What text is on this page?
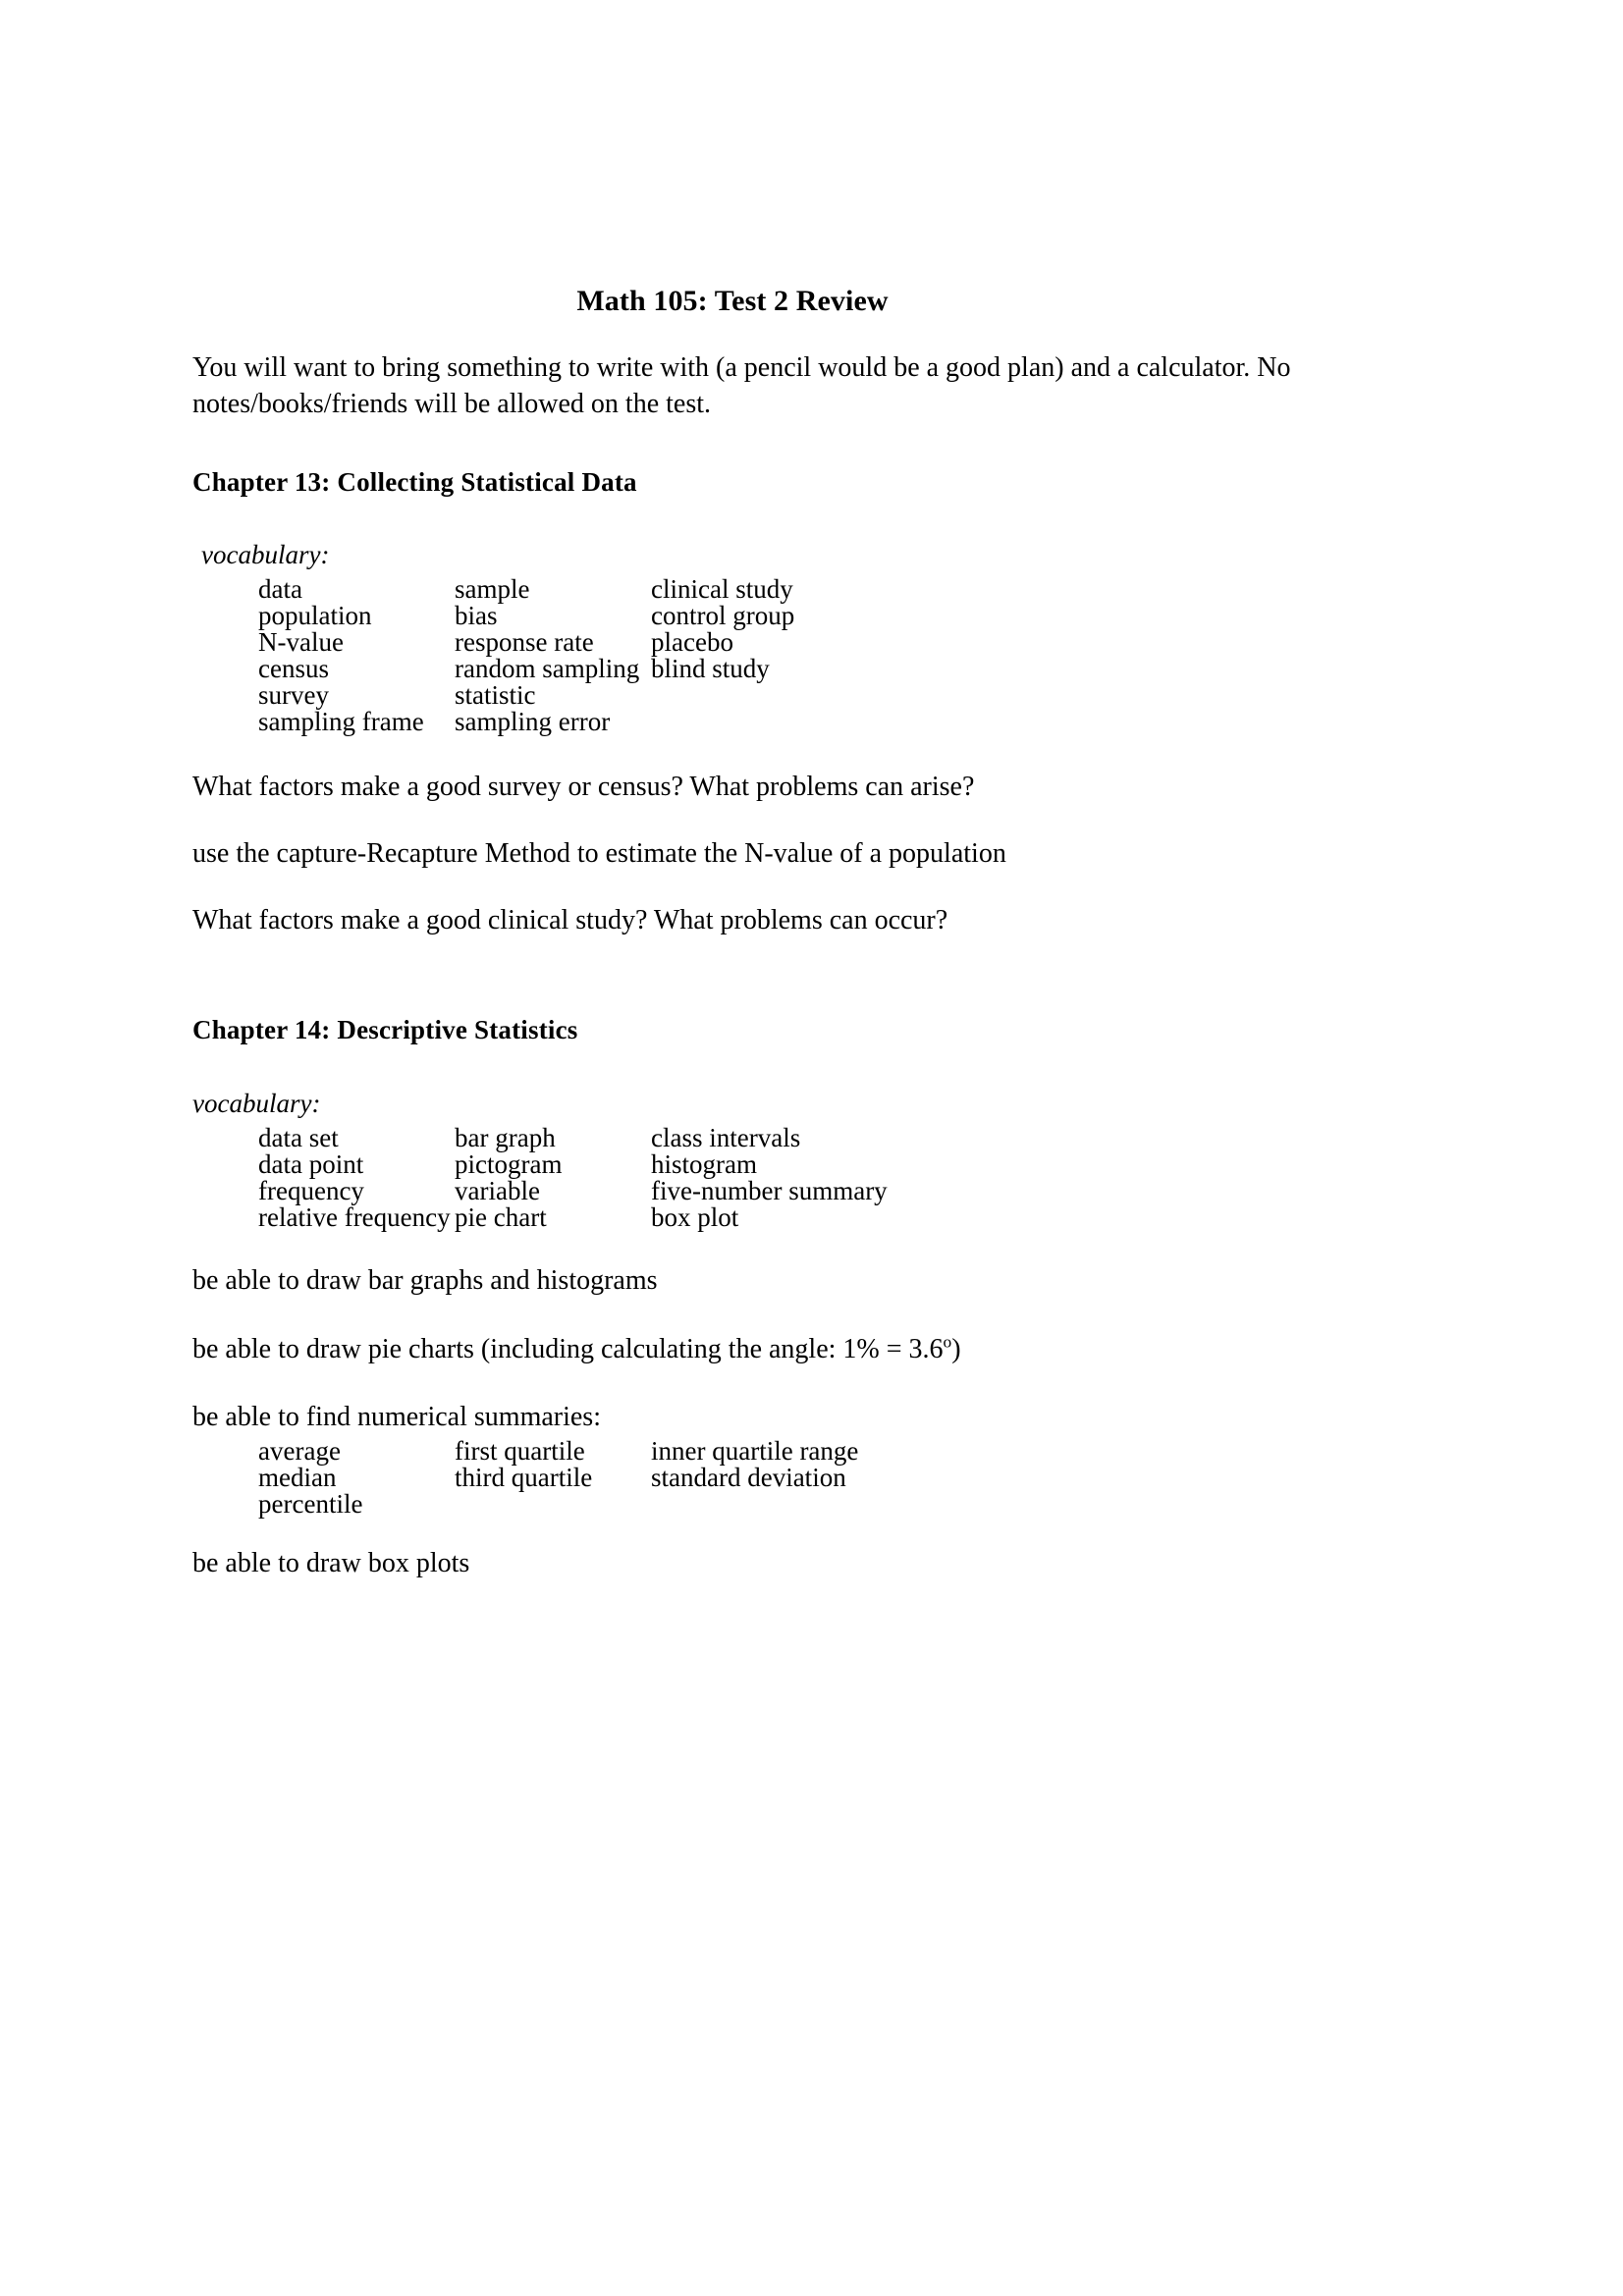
Math 105: Test 2 Review

You will want to bring something to write with (a pencil would be a good plan) and a calculator. No notes/books/friends will be allowed on the test.

Chapter 13: Collecting Statistical Data

vocabulary:

data	sample	clinical study
population	bias	control group
N-value	response rate	placebo
census	random sampling	blind study
survey	statistic	
sampling frame	sampling error	

What factors make a good survey or census? What problems can arise?

use the capture-Recapture Method to estimate the N-value of a population

What factors make a good clinical study? What problems can occur?

Chapter 14: Descriptive Statistics

vocabulary:

data set	bar graph	class intervals
data point	pictogram	histogram
frequency	variable	five-number summary
relative frequency	pie chart	box plot

be able to draw bar graphs and histograms

be able to draw pie charts (including calculating the angle: $1\% = 3.6^o$)

be able to find numerical summaries:

average	first quartile	inner quartile range
median	third quartile	standard deviation
percentile		

be able to draw box plots
